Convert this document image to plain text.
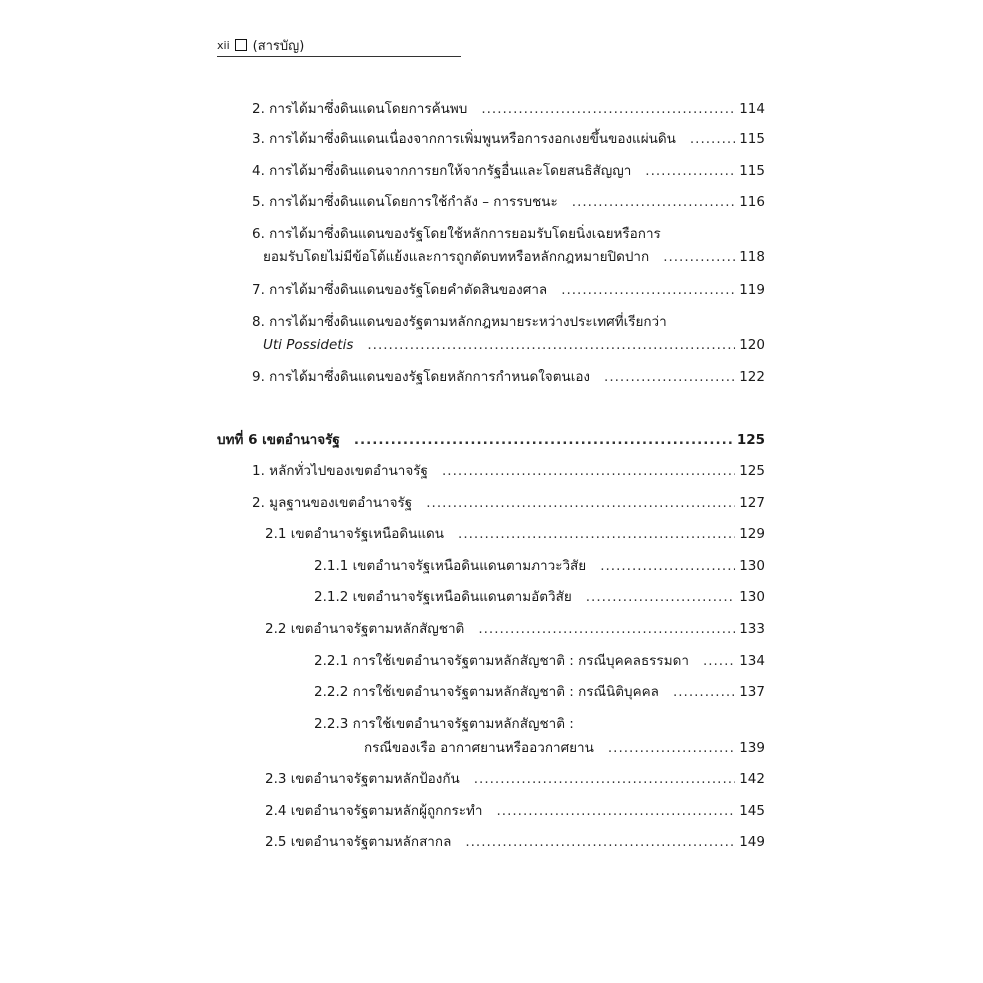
xii (สารบัญ)
2. การได้มาซึ่งดินแดนโดยการค้นพบ .....	114
3. การได้มาซึ่งดินแดนเนื่องจากการเพิ่มพูนหรือการงอกเงยขึ้นของแผ่นดิน .....	115
4. การได้มาซึ่งดินแดนจากการยกให้จากรัฐอื่นและโดยสนธิสัญญา .....	115
5. การได้มาซึ่งดินแดนโดยการใช้กำลัง – การรบชนะ .....	116
6. การได้มาซึ่งดินแดนของรัฐโดยใช้หลักการยอมรับโดยนิ่งเฉยหรือการ
ยอมรับโดยไม่มีข้อโต้แย้งและการถูกตัดบทหรือหลักกฎหมายปิดปาก .....	118
7. การได้มาซึ่งดินแดนของรัฐโดยคำตัดสินของศาล .....	119
8. การได้มาซึ่งดินแดนของรัฐตามหลักกฎหมายระหว่างประเทศที่เรียกว่า
Uti Possidetis .....	120
9. การได้มาซึ่งดินแดนของรัฐโดยหลักการกำหนดใจตนเอง .....	122
บทที่ 6 เขตอำนาจรัฐ .....	125
1. หลักทั่วไปของเขตอำนาจรัฐ .....	125
2. มูลฐานของเขตอำนาจรัฐ .....	127
2.1 เขตอำนาจรัฐเหนือดินแดน .....	129
2.1.1 เขตอำนาจรัฐเหนือดินแดนตามภาวะวิสัย .....	130
2.1.2 เขตอำนาจรัฐเหนือดินแดนตามอัตวิสัย .....	130
2.2 เขตอำนาจรัฐตามหลักสัญชาติ .....	133
2.2.1 การใช้เขตอำนาจรัฐตามหลักสัญชาติ : กรณีบุคคลธรรมดา .....	134
2.2.2 การใช้เขตอำนาจรัฐตามหลักสัญชาติ : กรณีนิติบุคคล .....	137
2.2.3 การใช้เขตอำนาจรัฐตามหลักสัญชาติ :
กรณีของเรือ อากาศยานหรืออวกาศยาน .....	139
2.3 เขตอำนาจรัฐตามหลักป้องกัน .....	142
2.4 เขตอำนาจรัฐตามหลักผู้ถูกกระทำ .....	145
2.5 เขตอำนาจรัฐตามหลักสากล .....	149
